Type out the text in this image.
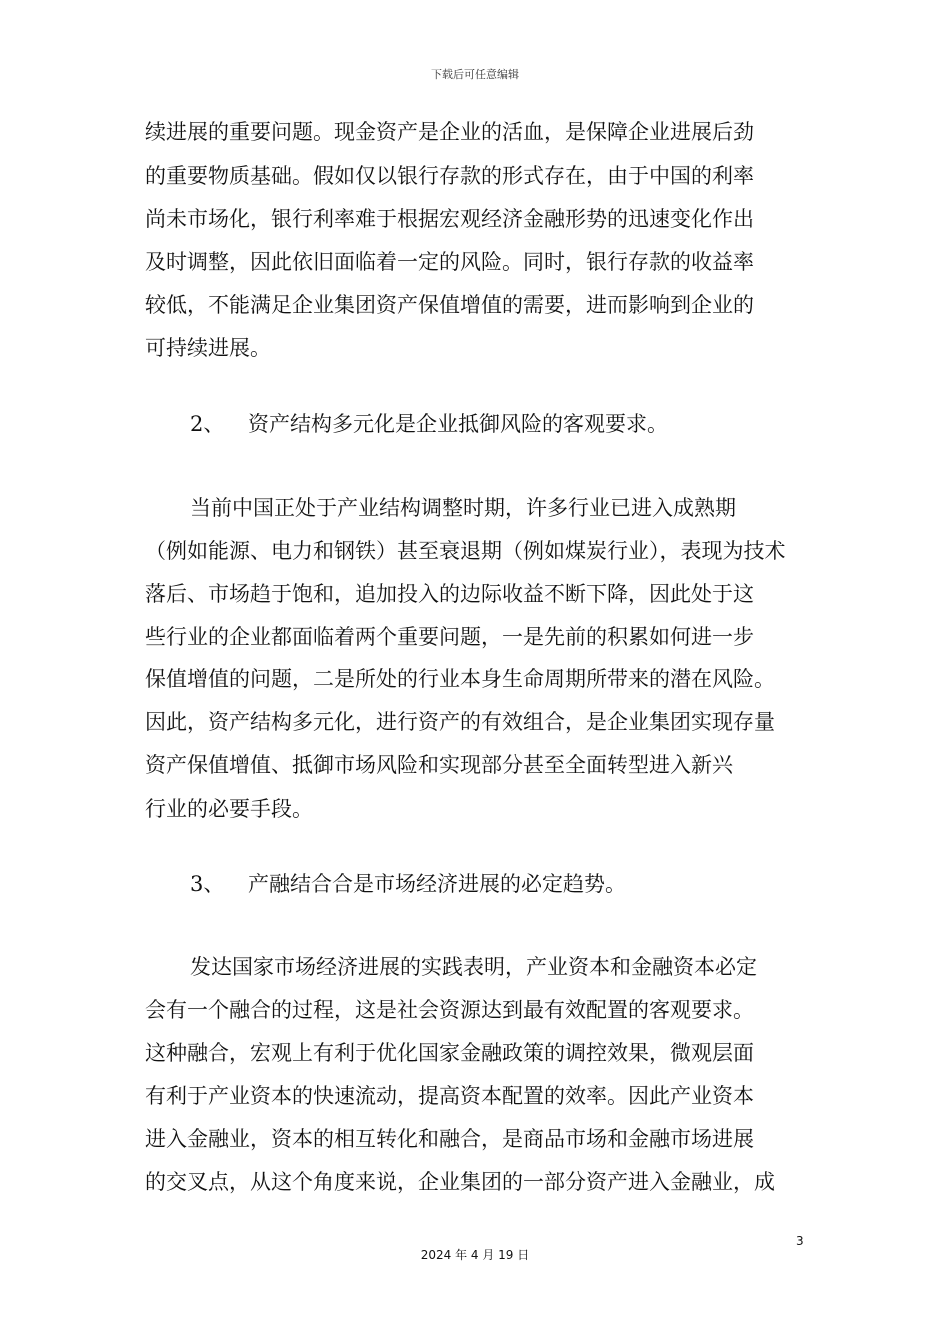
下载后可任意编辑
续进展的重要问题。现金资产是企业的活血，是保障企业进展后劲
的重要物质基础。假如仅以银行存款的形式存在，由于中国的利率
尚未市场化，银行利率难于根据宏观经济金融形势的迅速变化作出
及时调整，因此依旧面临着一定的风险。同时，银行存款的收益率
较低，不能满足企业集团资产保值增值的需要，进而影响到企业的
可持续进展。
2、 资产结构多元化是企业抵御风险的客观要求。
当前中国正处于产业结构调整时期，许多行业已进入成熟期
（例如能源、电力和钢铁）甚至衰退期（例如煤炭行业），表现为技术
落后、市场趋于饱和，追加投入的边际收益不断下降，因此处于这
些行业的企业都面临着两个重要问题，一是先前的积累如何进一步
保值增值的问题，二是所处的行业本身生命周期所带来的潜在风险。
因此，资产结构多元化，进行资产的有效组合，是企业集团实现存量
资产保值增值、抵御市场风险和实现部分甚至全面转型进入新兴
行业的必要手段。
3、 产融结合合是市场经济进展的必定趋势。
发达国家市场经济进展的实践表明，产业资本和金融资本必定
会有一个融合的过程，这是社会资源达到最有效配置的客观要求。
这种融合，宏观上有利于优化国家金融政策的调控效果，微观层面
有利于产业资本的快速流动，提高资本配置的效率。因此产业资本
进入金融业，资本的相互转化和融合，是商品市场和金融市场进展
的交叉点，从这个角度来说，企业集团的一部分资产进入金融业，成
3
2024 年 4 月 19 日
